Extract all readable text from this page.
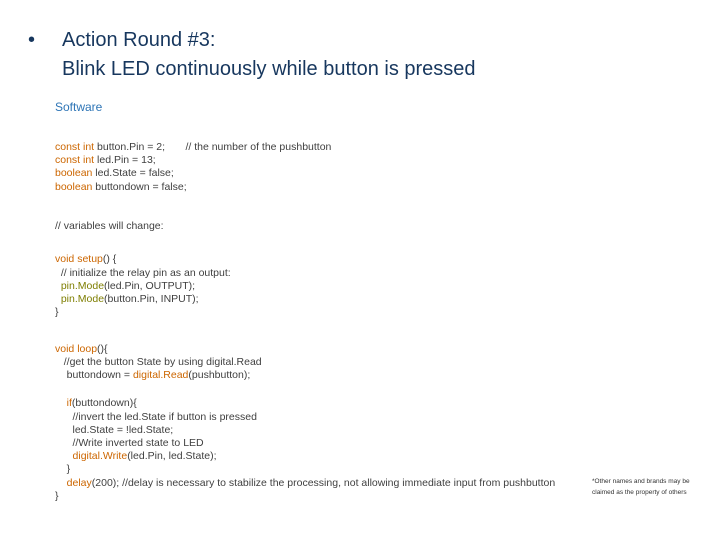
• Action Round #3:
Blink LED continuously while button is pressed
Software
const int button.Pin = 2;       // the number of the pushbutton
const int led.Pin = 13;
boolean led.State = false;
boolean buttondown = false;
// variables will change:
void setup() {
// initialize the relay pin as an output:
pin.Mode(led.Pin, OUTPUT);
pin.Mode(button.Pin, INPUT);
}
void loop(){
//get the button State by using digital.Read
buttondown = digital.Read(pushbutton);
if(buttondown){
//invert the led.State if button is pressed
led.State = !led.State;
//Write inverted state to LED
digital.Write(led.Pin, led.State);
}
delay(200); //delay is necessary to stabilize the processing, not allowing immediate input from pushbutton
}
*Other names and brands may be
claimed as the property of others
